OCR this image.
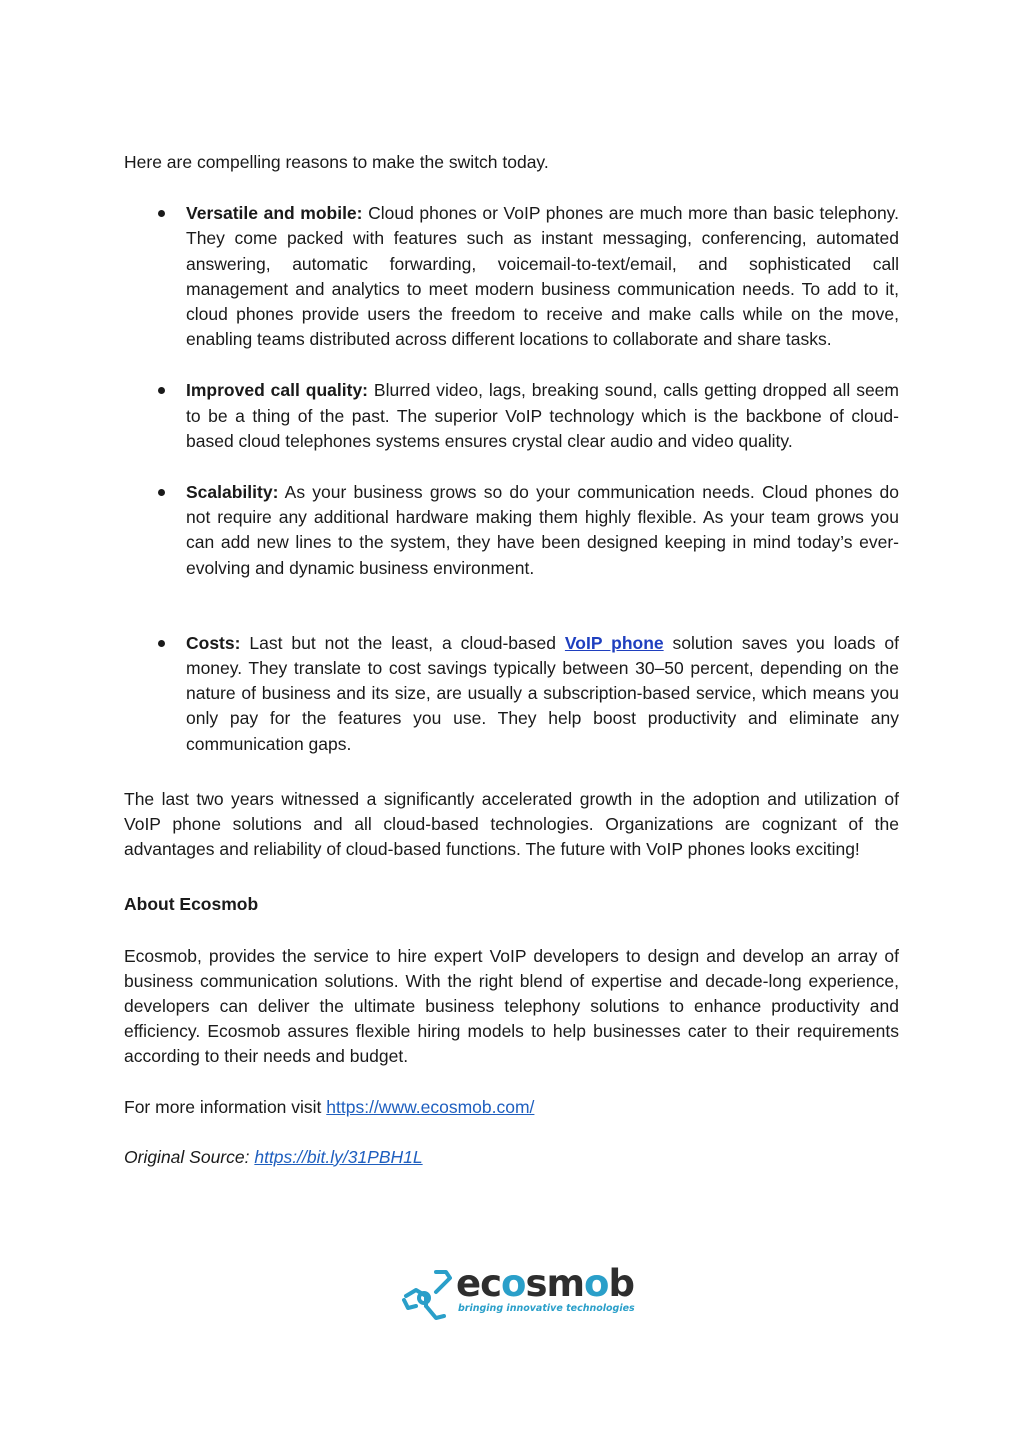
Here are compelling reasons to make the switch today.

Versatile and mobile: Cloud phones or VoIP phones are much more than basic telephony. They come packed with features such as instant messaging, conferencing, automated answering, automatic forwarding, voicemail-to-text/email, and sophisticated call management and analytics to meet modern business communication needs. To add to it, cloud phones provide users the freedom to receive and make calls while on the move, enabling teams distributed across different locations to collaborate and share tasks.
Improved call quality: Blurred video, lags, breaking sound, calls getting dropped all seem to be a thing of the past. The superior VoIP technology which is the backbone of cloud-based cloud telephones systems ensures crystal clear audio and video quality.
Scalability: As your business grows so do your communication needs. Cloud phones do not require any additional hardware making them highly flexible. As your team grows you can add new lines to the system, they have been designed keeping in mind today’s ever-evolving and dynamic business environment.
Costs: Last but not the least, a cloud-based VoIP phone solution saves you loads of money. They translate to cost savings typically between 30–50 percent, depending on the nature of business and its size, are usually a subscription-based service, which means you only pay for the features you use. They help boost productivity and eliminate any communication gaps.

The last two years witnessed a significantly accelerated growth in the adoption and utilization of VoIP phone solutions and all cloud-based technologies. Organizations are cognizant of the advantages and reliability of cloud-based functions. The future with VoIP phones looks exciting!

About Ecosmob

Ecosmob, provides the service to hire expert VoIP developers to design and develop an array of business communication solutions. With the right blend of expertise and decade-long experience, developers can deliver the ultimate business telephony solutions to enhance productivity and efficiency. Ecosmob assures flexible hiring models to help businesses cater to their requirements according to their needs and budget.

For more information visit https://www.ecosmob.com/

Original Source: https://bit.ly/31PBH1L

ecosmob
bringing innovative technologies
